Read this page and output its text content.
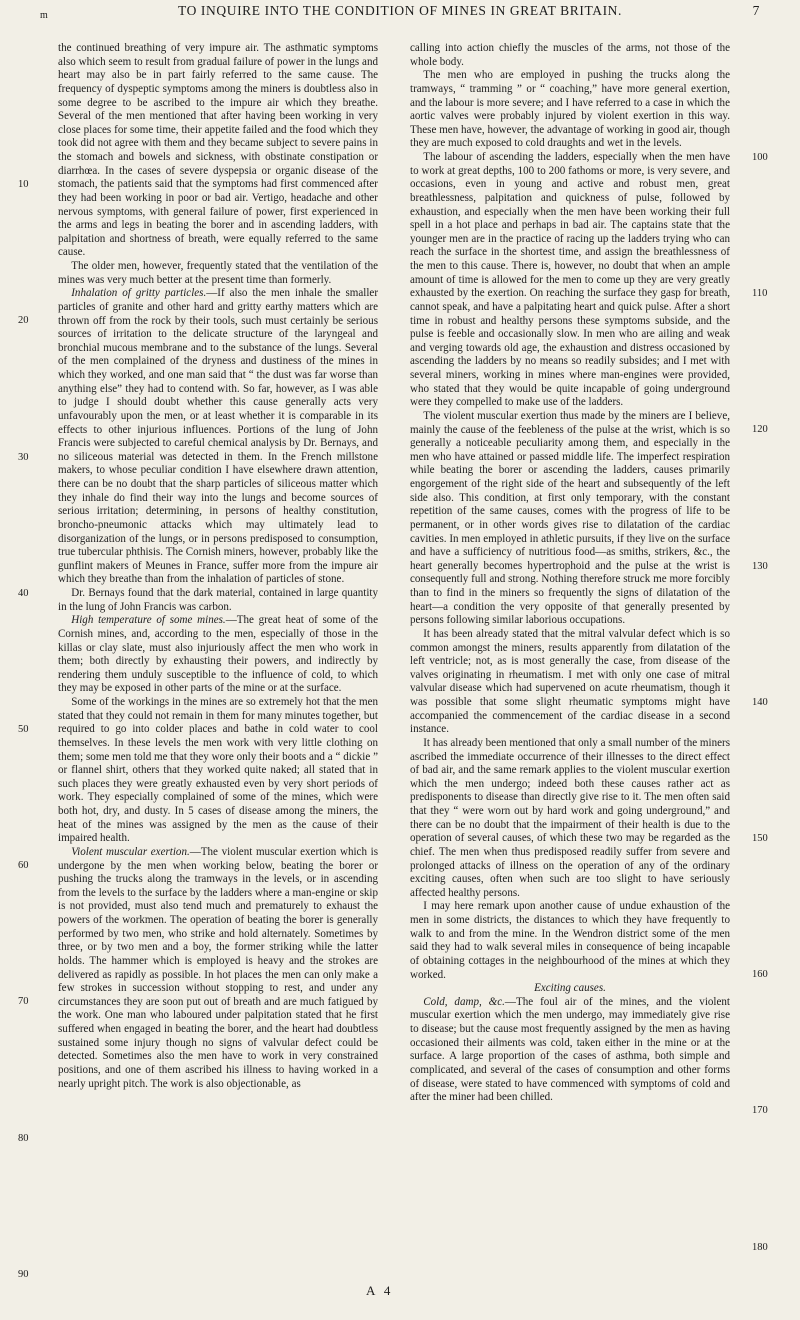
m	TO INQUIRE INTO THE CONDITION OF MINES IN GREAT BRITAIN.	7

the continued breathing of very impure air. The asthmatic symptoms also which seem to result from gradual failure of power in the lungs and heart may also be in part fairly referred to the same cause. The frequency of dyspeptic symptoms among the miners is doubtless also in some degree to be ascribed to the impure air which they breathe. Several of the men mentioned that after having been working in very close places for some time, their appetite failed and the food which they took did not agree with them and they became subject to severe pains in the stomach and bowels and sickness, with obstinate constipation or diarrhœa. In the cases of severe dyspepsia or organic disease of the stomach, the patients said that the symptoms had first commenced after they had been working in poor or bad air. Vertigo, headache and other nervous symptoms, with general failure of power, first experienced in the arms and legs in beating the borer and in ascending ladders, with palpitation and shortness of breath, were equally referred to the same cause.

The older men, however, frequently stated that the ventilation of the mines was very much better at the present time than formerly.

Inhalation of gritty particles.—If also the men inhale the smaller particles of granite and other hard and gritty earthy matters which are thrown off from the rock by their tools, such must certainly be serious sources of irritation to the delicate structure of the laryngeal and bronchial mucous membrane and to the substance of the lungs. Several of the men complained of the dryness and dustiness of the mines in which they worked, and one man said that “ the dust was far worse than anything else” they had to contend with. So far, however, as I was able to judge I should doubt whether this cause generally acts very unfavourably upon the men, or at least whether it is comparable in its effects to other injurious influences. Portions of the lung of John Francis were subjected to careful chemical analysis by Dr. Bernays, and no siliceous material was detected in them. In the French millstone makers, to whose peculiar condition I have elsewhere drawn attention, there can be no doubt that the sharp particles of siliceous matter which they inhale do find their way into the lungs and become sources of serious irritation; determining, in persons of healthy constitution, broncho-pneumonic attacks which may ultimately lead to disorganization of the lungs, or in persons predisposed to consumption, true tubercular phthisis. The Cornish miners, however, probably like the gunflint makers of Meunes in France, suffer more from the impure air which they breathe than from the inhalation of particles of stone.

Dr. Bernays found that the dark material, contained in large quantity in the lung of John Francis was carbon.

High temperature of some mines.—The great heat of some of the Cornish mines, and, according to the men, especially of those in the killas or clay slate, must also injuriously affect the men who work in them; both directly by exhausting their powers, and indirectly by rendering them unduly susceptible to the influence of cold, to which they may be exposed in other parts of the mine or at the surface.

Some of the workings in the mines are so extremely hot that the men stated that they could not remain in them for many minutes together, but required to go into colder places and bathe in cold water to cool themselves. In these levels the men work with very little clothing on them; some men told me that they wore only their boots and a “ dickie ” or flannel shirt, others that they worked quite naked; all stated that in such places they were greatly exhausted even by very short periods of work. They especially complained of some of the mines, which were both hot, dry, and dusty. In 5 cases of disease among the miners, the heat of the mines was assigned by the men as the cause of their impaired health.

Violent muscular exertion.—The violent muscular exertion which is undergone by the men when working below, beating the borer or pushing the trucks along the tramways in the levels, or in ascending from the levels to the surface by the ladders where a man-engine or skip is not provided, must also tend much and prematurely to exhaust the powers of the workmen. The operation of beating the borer is generally performed by two men, who strike and hold alternately. Sometimes by three, or by two men and a boy, the former striking while the latter holds. The hammer which is employed is heavy and the strokes are delivered as rapidly as possible. In hot places the men can only make a few strokes in succession without stopping to rest, and under any circumstances they are soon put out of breath and are much fatigued by the work. One man who laboured under palpitation stated that he first suffered when engaged in beating the borer, and the heart had doubtless sustained some injury though no signs of valvular defect could be detected. Sometimes also the men have to work in very constrained positions, and one of them ascribed his illness to having worked in a nearly upright pitch. The work is also objectionable, as

calling into action chiefly the muscles of the arms, not those of the whole body.

The men who are employed in pushing the trucks along the tramways, “ tramming ” or “ coaching,” have more general exertion, and the labour is more severe; and I have referred to a case in which the aortic valves were probably injured by violent exertion in this way. These men have, however, the advantage of working in good air, though they are much exposed to cold draughts and wet in the levels.

The labour of ascending the ladders, especially when the men have to work at great depths, 100 to 200 fathoms or more, is very severe, and occasions, even in young and active and robust men, great breathlessness, palpitation and quickness of pulse, followed by exhaustion, and especially when the men have been working their full spell in a hot place and perhaps in bad air. The captains state that the younger men are in the practice of racing up the ladders trying who can reach the surface in the shortest time, and assign the breathlessness of the men to this cause. There is, however, no doubt that when an ample amount of time is allowed for the men to come up they are very greatly exhausted by the exertion. On reaching the surface they gasp for breath, cannot speak, and have a palpitating heart and quick pulse. After a short time in robust and healthy persons these symptoms subside, and the pulse is feeble and occasionally slow. In men who are ailing and weak and verging towards old age, the exhaustion and distress occasioned by ascending the ladders by no means so readily subsides; and I met with several miners, working in mines where man-engines were provided, who stated that they would be quite incapable of going underground were they compelled to make use of the ladders.

The violent muscular exertion thus made by the miners are I believe, mainly the cause of the feebleness of the pulse at the wrist, which is so generally a noticeable peculiarity among them, and especially in the men who have attained or passed middle life. The imperfect respiration while beating the borer or ascending the ladders, causes primarily engorgement of the right side of the heart and subsequently of the left side also. This condition, at first only temporary, with the constant repetition of the same causes, comes with the progress of life to be permanent, or in other words gives rise to dilatation of the cardiac cavities. In men employed in athletic pursuits, if they live on the surface and have a sufficiency of nutritious food—as smiths, strikers, &c., the heart generally becomes hypertrophoid and the pulse at the wrist is consequently full and strong. Nothing therefore struck me more forcibly than to find in the miners so frequently the signs of dilatation of the heart—a condition the very opposite of that generally presented by persons following similar laborious occupations.

It has been already stated that the mitral valvular defect which is so common amongst the miners, results apparently from dilatation of the left ventricle; not, as is most generally the case, from disease of the valves originating in rheumatism. I met with only one case of mitral valvular disease which had supervened on acute rheumatism, though it was possible that some slight rheumatic symptoms might have accompanied the commencement of the cardiac disease in a second instance.

It has already been mentioned that only a small number of the miners ascribed the immediate occurrence of their illnesses to the direct effect of bad air, and the same remark applies to the violent muscular exertion which the men undergo; indeed both these causes rather act as predisponents to disease than directly give rise to it. The men often said that they “ were worn out by hard work and going underground,” and there can be no doubt that the impairment of their health is due to the operation of several causes, of which these two may be regarded as the chief. The men when thus predisposed readily suffer from severe and prolonged attacks of illness on the operation of any of the ordinary exciting causes, often when such are too slight to have seriously affected healthy persons.

I may here remark upon another cause of undue exhaustion of the men in some districts, the distances to which they have frequently to walk to and from the mine. In the Wendron district some of the men said they had to walk several miles in consequence of being incapable of obtaining cottages in the neighbourhood of the mines at which they worked.

Exciting causes.

Cold, damp, &c.—The foul air of the mines, and the violent muscular exertion which the men undergo, may immediately give rise to disease; but the cause most frequently assigned by the men as having occasioned their ailments was cold, taken either in the mine or at the surface. A large proportion of the cases of asthma, both simple and complicated, and several of the cases of consumption and other forms of disease, were stated to have commenced with symptoms of cold and after the miner had been chilled.

10
20
30
40
50
60
70
80
90
100
110
120
130
140
150
160
170
180
A 4
